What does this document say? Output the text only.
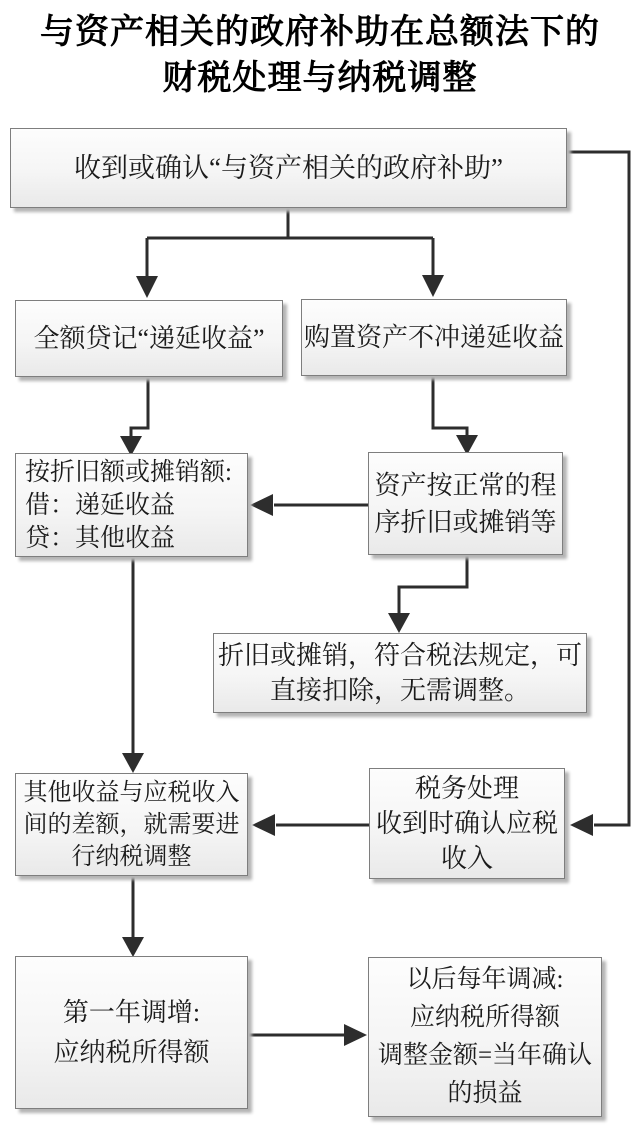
与资产相关的政府补助在总额法下的
财税处理与纳税调整
收到或确认“与资产相关的政府补助”
全额贷记“递延收益”	购置资产不冲递延收益
按折旧额或摊销额:
借：递延收益
贷：其他收益
资产按正常的程
序折旧或摊销等
折旧或摊销，符合税法规定，可
直接扣除，无需调整。
其他收益与应税收入
间的差额，就需要进
行纳税调整
税务处理
收到时确认应税
收入
第一年调增:
应纳税所得额
以后每年调减:
应纳税所得额
调整金额=当年确认
的损益
